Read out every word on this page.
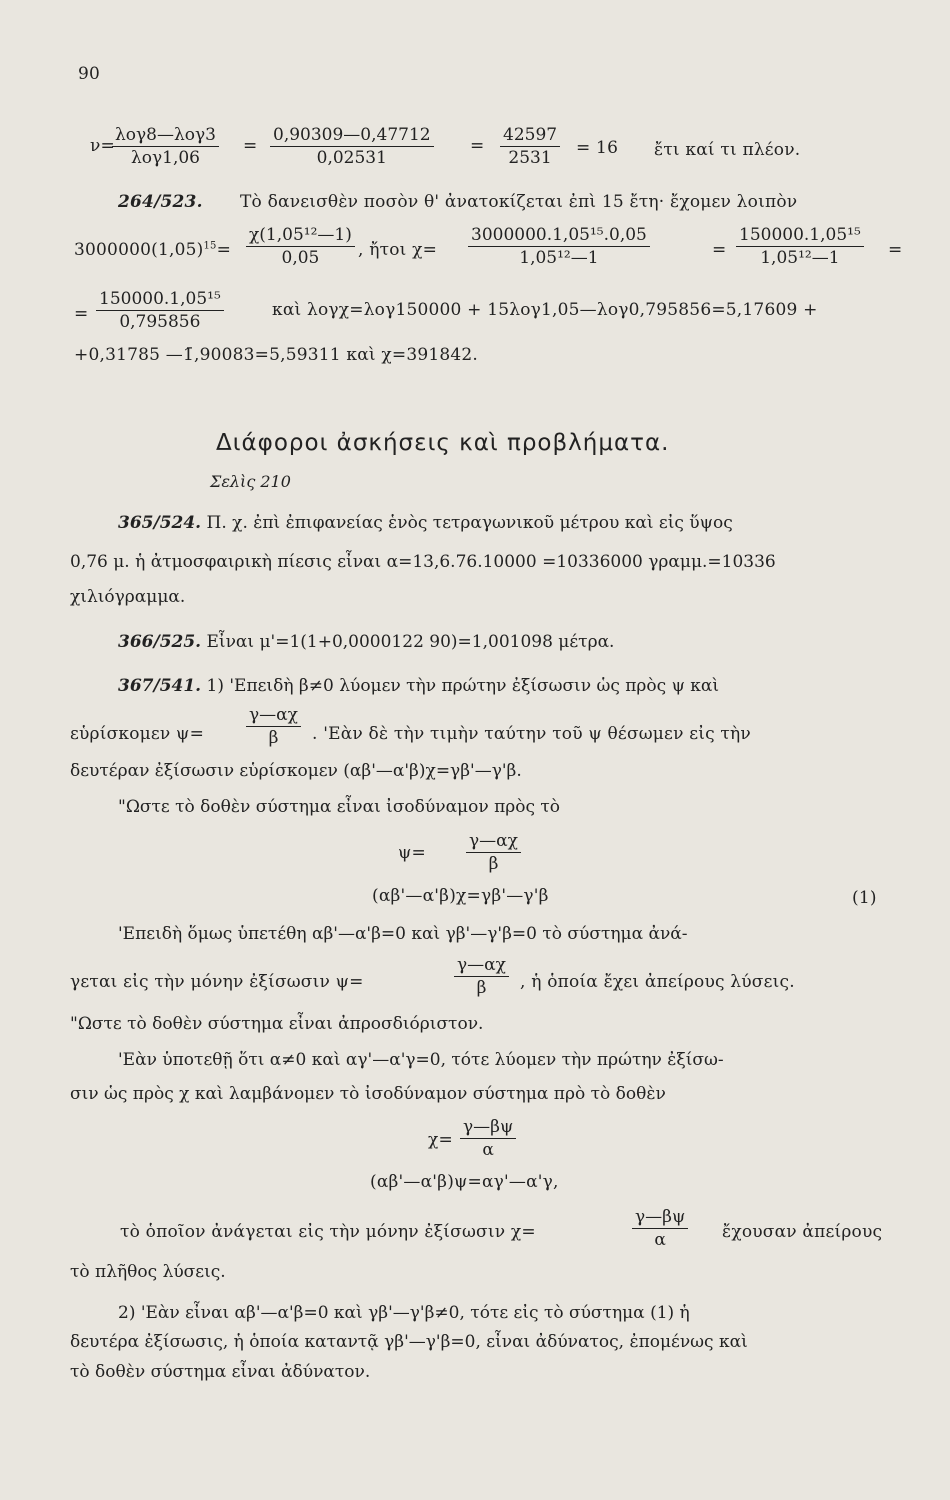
90
ν=
λογ8—λογ3
λογ1,06
= $\frac{0,90309—0,47712}{0,02531} = \frac{42597}{2531} = 16$ ἔτι καί τι πλέον.
264/523. Τὸ δανεισθὲν ποσὸν θ' ἀνατοκίζεται ἐπὶ 15 ἔτη· ἔχομεν λοιπὸν
$3000000(1,05)^{15}= \frac{\text{χ(1,05¹²—1)}}{0,05}$ , ἤτοι $\chi= \frac{\text{3000000.1,05¹⁵.0,05}}{\text{1,05¹²—1}}$	= $\frac{\text{150000.1,05¹⁵}}{\text{1,05¹²—1}}$ =
= $\frac{\text{150000.1,05¹⁵}}{0,795856}$	καὶ λογχ=λογ150000 + 15λογ1,05—λογ0,795856=5,17609 +
+0,31785 —1̄,90083=5,59311 καὶ χ=391842.
Διάφοροι ἀσκήσεις καὶ προβλήματα.
Σελὶς 210
365/524. Π. χ. ἐπὶ ἐπιφανείας ἑνὸς τετραγωνικοῦ μέτρου καὶ εἰς ὕψος
0,76 μ. ἡ ἀτμοσφαιρικὴ πίεσις εἶναι α=13,6.76.10000 =10336000 γραμμ.=10336
χιλιόγραμμα.
366/525. Εἶναι μ'=1(1+0,0000122 90)=1,001098 μέτρα.
367/541. 1) 'Επειδὴ β≠0 λύομεν τὴν πρώτην ἐξίσωσιν ὡς πρὸς ψ καὶ
εὑρίσκομεν $\psi= \frac{\gamma—\alpha\chi}{\beta}$ . 'Εὰν δὲ τὴν τιμὴν ταύτην τοῦ ψ θέσωμεν εἰς τὴν
δευτέραν ἐξίσωσιν εὑρίσκομεν (αβ'—α'β)χ=γβ'—γ'β.
"Ωστε τὸ δοθὲν σύστημα εἶναι ἰσοδύναμον πρὸς τὸ
$\psi= \frac{\gamma—\alpha\chi}{\beta}$
(αβ'—α'β)χ=γβ'—γ'β	(1)
'Επειδὴ ὅμως ὑπετέθη αβ'—α'β=0 καὶ γβ'—γ'β=0 τὸ σύστημα ἀνά-
γεται εἰς τὴν μόνην ἐξίσωσιν ψ=	$\frac{\gamma—\alpha\chi}{\beta}$ , ἡ ὁποία ἔχει ἀπείρους λύσεις.
"Ωστε τὸ δοθὲν σύστημα εἶναι ἀπροσδιόριστον.
'Εὰν ὑποτεθῇ ὅτι α≠0 καὶ αγ'—α'γ=0, τότε λύομεν τὴν πρώτην ἐξίσω-
σιν ὡς πρὸς χ καὶ λαμβάνομεν τὸ ἰσοδύναμον σύστημα πρὸ τὸ δοθὲν
$\chi= \frac{\gamma—\beta\psi}{\alpha}$
(αβ'—α'β)ψ=αγ'—α'γ,
τὸ ὁποῖον ἀνάγεται εἰς τὴν μόνην ἐξίσωσιν χ=	$\frac{\gamma—\beta\psi}{\alpha}$ ἔχουσαν ἀπείρους
τὸ πλῆθος λύσεις.
2) 'Εὰν εἶναι αβ'—α'β=0 καὶ γβ'—γ'β≠0, τότε εἰς τὸ σύστημα (1) ἡ
δευτέρα ἐξίσωσις, ἡ ὁποία καταντᾷ γβ'—γ'β=0, εἶναι ἀδύνατος, ἐπομένως καὶ
τὸ δοθὲν σύστημα εἶναι ἀδύνατον.
